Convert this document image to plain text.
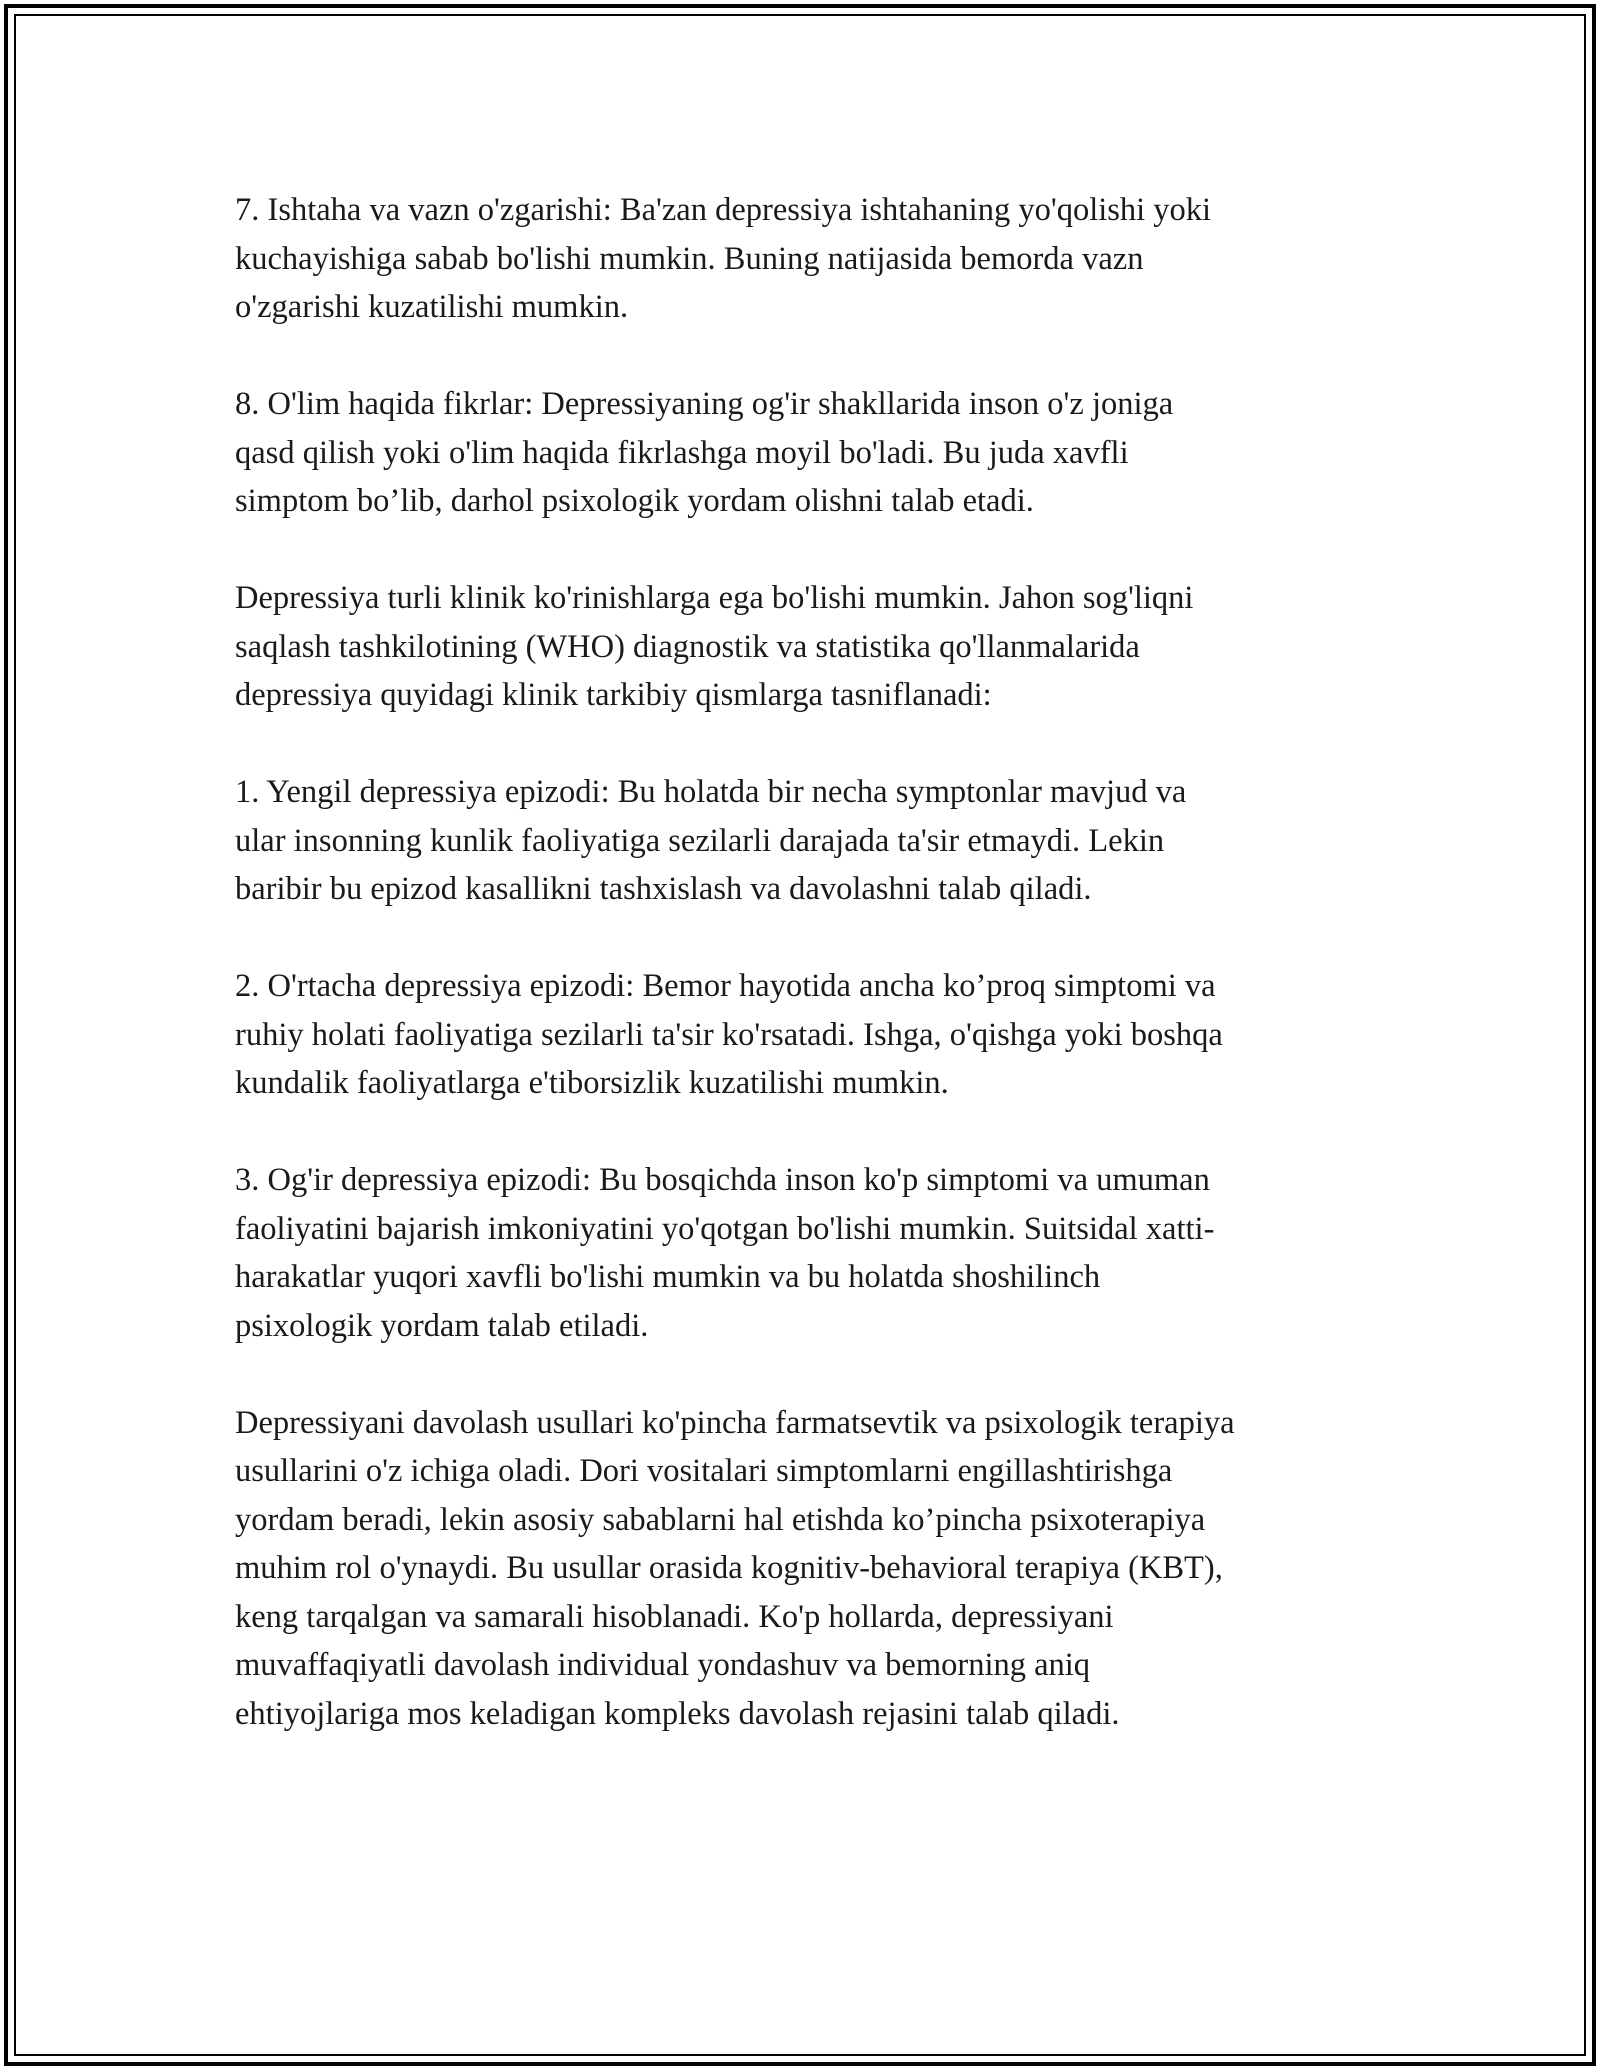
7. Ishtaha va vazn o'zgarishi: Ba'zan depressiya ishtahaning yo'qolishi yoki
kuchayishiga sabab bo'lishi mumkin. Buning natijasida bemorda vazn
o'zgarishi kuzatilishi mumkin.

8. O'lim haqida fikrlar: Depressiyaning og'ir shakllarida inson o'z joniga
qasd qilish yoki o'lim haqida fikrlashga moyil bo'ladi. Bu juda xavfli
simptom bo’lib, darhol psixologik yordam olishni talab etadi.

Depressiya turli klinik ko'rinishlarga ega bo'lishi mumkin. Jahon sog'liqni
saqlash tashkilotining (WHO) diagnostik va statistika qo'llanmalarida
depressiya quyidagi klinik tarkibiy qismlarga tasniflanadi:

1. Yengil depressiya epizodi: Bu holatda bir necha symptonlar mavjud va
ular insonning kunlik faoliyatiga sezilarli darajada ta'sir etmaydi. Lekin
baribir bu epizod kasallikni tashxislash va davolashni talab qiladi.

2. O'rtacha depressiya epizodi: Bemor hayotida ancha ko’proq simptomi va
ruhiy holati faoliyatiga sezilarli ta'sir ko'rsatadi. Ishga, o'qishga yoki boshqa
kundalik faoliyatlarga e'tiborsizlik kuzatilishi mumkin.

3. Og'ir depressiya epizodi: Bu bosqichda inson ko'p simptomi va umuman
faoliyatini bajarish imkoniyatini yo'qotgan bo'lishi mumkin. Suitsidal xatti-
harakatlar yuqori xavfli bo'lishi mumkin va bu holatda shoshilinch
psixologik yordam talab etiladi.

Depressiyani davolash usullari ko'pincha farmatsevtik va psixologik terapiya
usullarini o'z ichiga oladi. Dori vositalari simptomlarni engillashtirishga
yordam beradi, lekin asosiy sabablarni hal etishda ko’pincha psixoterapiya
muhim rol o'ynaydi. Bu usullar orasida kognitiv-behavioral terapiya (KBT),
keng tarqalgan va samarali hisoblanadi. Ko'p hollarda, depressiyani
muvaffaqiyatli davolash individual yondashuv va bemorning aniq
ehtiyojlariga mos keladigan kompleks davolash rejasini talab qiladi.
